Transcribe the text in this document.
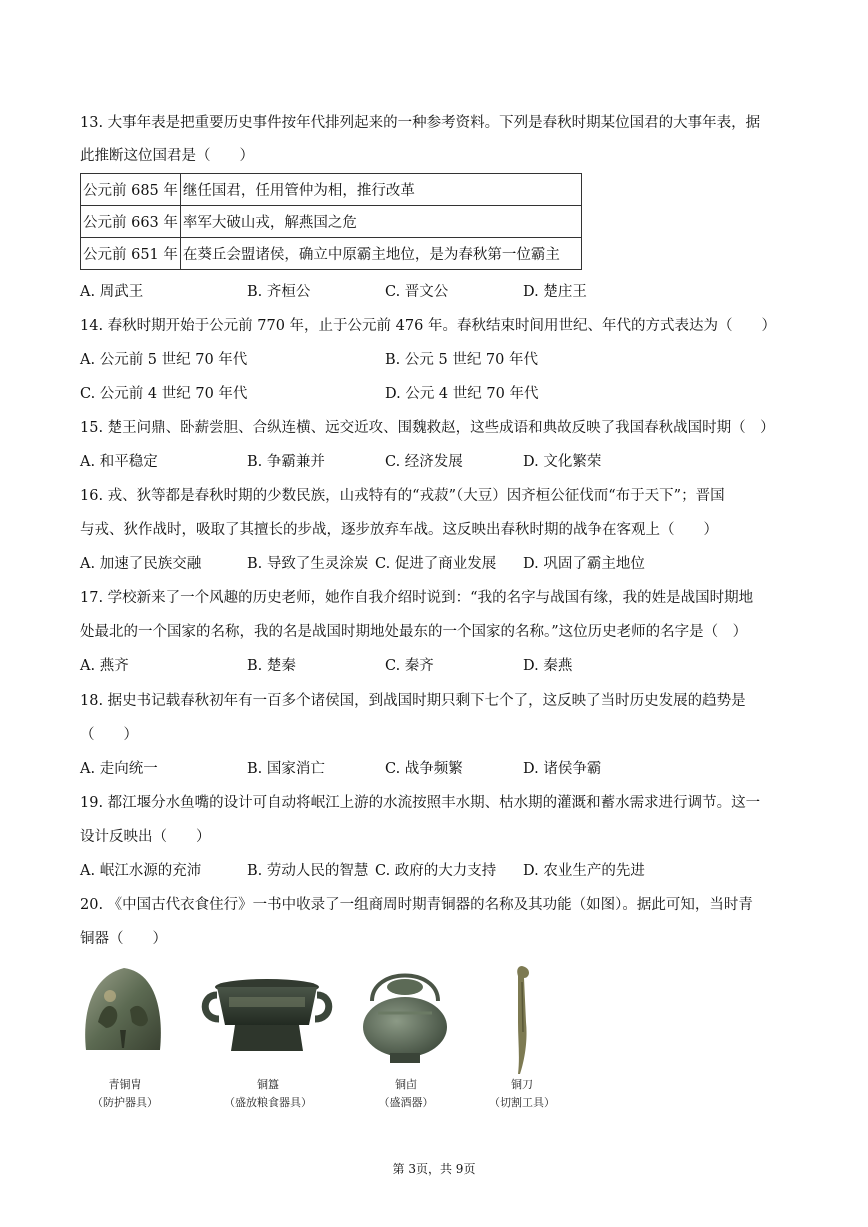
13. 大事年表是把重要历史事件按年代排列起来的一种参考资料。下列是春秋时期某位国君的大事年表，据
此推断这位国君是（　　）
公元前 685 年	继任国君，任用管仲为相，推行改革
公元前 663 年	率军大破山戎，解燕国之危
公元前 651 年	在葵丘会盟诸侯，确立中原霸主地位，是为春秋第一位霸主
A. 周武王	B. 齐桓公	C. 晋文公	D. 楚庄王
14. 春秋时期开始于公元前 770 年，止于公元前 476 年。春秋结束时间用世纪、年代的方式表达为（　　）
A. 公元前 5 世纪 70 年代	B. 公元 5 世纪 70 年代
C. 公元前 4 世纪 70 年代	D. 公元 4 世纪 70 年代
15. 楚王问鼎、卧薪尝胆、合纵连横、远交近攻、围魏救赵，这些成语和典故反映了我国春秋战国时期（　）
A. 和平稳定	B. 争霸兼并	C. 经济发展	D. 文化繁荣
16. 戎、狄等都是春秋时期的少数民族，山戎特有的“戎菽”（大豆）因齐桓公征伐而“布于天下”；晋国
与戎、狄作战时，吸取了其擅长的步战，逐步放弃车战。这反映出春秋时期的战争在客观上（　　）
A. 加速了民族交融	B. 导致了生灵涂炭 C. 促进了商业发展 D. 巩固了霸主地位
17. 学校新来了一个风趣的历史老师，她作自我介绍时说到：“我的名字与战国有缘，我的姓是战国时期地
处最北的一个国家的名称，我的名是战国时期地处最东的一个国家的名称。”这位历史老师的名字是（　）
A. 燕齐	B. 楚秦	C. 秦齐	D. 秦燕
18. 据史书记载春秋初年有一百多个诸侯国，到战国时期只剩下七个了，这反映了当时历史发展的趋势是
（　　）
A. 走向统一	B. 国家消亡	C. 战争频繁	D. 诸侯争霸
19. 都江堰分水鱼嘴的设计可自动将岷江上游的水流按照丰水期、枯水期的灌溉和蓄水需求进行调节。这一
设计反映出（　　）
A. 岷江水源的充沛	B. 劳动人民的智慧 C. 政府的大力支持 D. 农业生产的先进
20. 《中国古代衣食住行》一书中收录了一组商周时期青铜器的名称及其功能（如图）。据此可知，当时青
铜器（　　）
青铜胄
（防护器具）
铜簋
（盛放粮食器具）
铜卣
（盛酒器）
铜刀
（切割工具）
第 3页，共 9页
